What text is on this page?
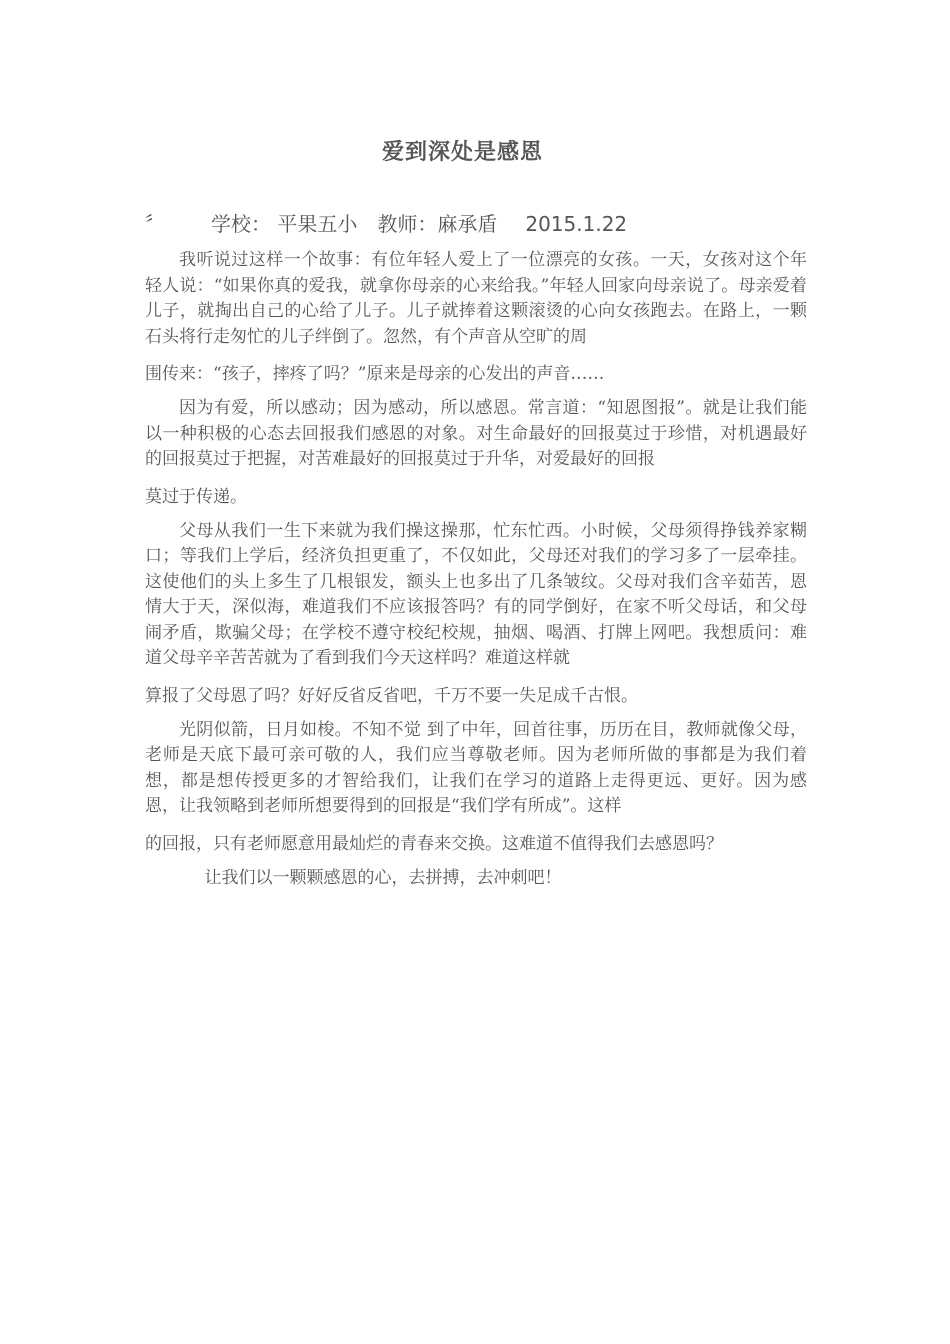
爱到深处是感恩
〞 学校： 平果五小 教师：麻承盾 2015.1.22

我听说过这样一个故事：有位年轻人爱上了一位漂亮的女孩。一天，女孩对这个年轻人说：“如果你真的爱我，就拿你母亲的心来给我。”年轻人回家向母亲说了。母亲爱着儿子，就掏出自己的心给了儿子。儿子就捧着这颗滚烫的心向女孩跑去。在路上，一颗石头将行走匆忙的儿子绊倒了。忽然，有个声音从空旷的周
围传来：“孩子，摔疼了吗？”原来是母亲的心发出的声音……

因为有爱，所以感动；因为感动，所以感恩。常言道：“知恩图报”。就是让我们能以一种积极的心态去回报我们感恩的对象。对生命最好的回报莫过于珍惜，对机遇最好的回报莫过于把握，对苦难最好的回报莫过于升华，对爱最好的回报
莫过于传递。

父母从我们一生下来就为我们操这操那，忙东忙西。小时候，父母须得挣钱养家糊口；等我们上学后，经济负担更重了，不仅如此，父母还对我们的学习多了一层牵挂。这使他们的头上多生了几根银发，额头上也多出了几条皱纹。父母对我们含辛茹苦，恩情大于天，深似海，难道我们不应该报答吗？有的同学倒好，在家不听父母话，和父母闹矛盾，欺骗父母；在学校不遵守校纪校规，抽烟、喝酒、打牌上网吧。我想质问：难道父母辛辛苦苦就为了看到我们今天这样吗？难道这样就
算报了父母恩了吗？好好反省反省吧，千万不要一失足成千古恨。

光阴似箭，日月如梭。不知不觉 到了中年，回首往事，历历在目，教师就像父母，老师是天底下最可亲可敬的人，我们应当尊敬老师。因为老师所做的事都是为我们着想，都是想传授更多的才智给我们，让我们在学习的道路上走得更远、更好。因为感恩，让我领略到老师所想要得到的回报是“我们学有所成”。这样
的回报，只有老师愿意用最灿烂的青春来交换。这难道不值得我们去感恩吗？

让我们以一颗颗感恩的心，去拼搏，去冲刺吧！
